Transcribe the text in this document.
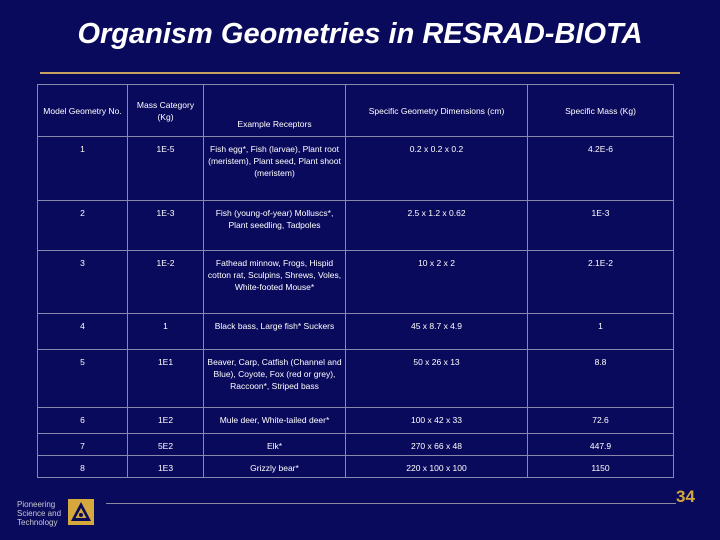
Organism Geometries in RESRAD-BIOTA
Model Geometry No.	Mass Category (Kg)	Example Receptors	Specific Geometry Dimensions (cm)	Specific Mass (Kg)
1	1E-5	Fish egg*, Fish (larvae), Plant root (meristem), Plant seed, Plant shoot (meristem)	0.2 x 0.2 x 0.2	4.2E-6
2	1E-3	Fish (young-of-year) Molluscs*, Plant seedling, Tadpoles	2.5 x 1.2 x 0.62	1E-3
3	1E-2	Fathead minnow, Frogs, Hispid cotton rat, Sculpins, Shrews, Voles, White-footed Mouse*	10 x 2 x 2	2.1E-2
4	1	Black bass, Large fish* Suckers	45 x 8.7 x 4.9	1
5	1E1	Beaver, Carp, Catfish (Channel and Blue), Coyote, Fox (red or grey), Raccoon*, Striped bass	50 x 26 x 13	8.8
6	1E2	Mule deer, White-tailed deer*	100 x 42 x 33	72.6
7	5E2	Elk*	270 x 66 x 48	447.9
8	1E3	Grizzly bear*	220 x 100 x 100	1150
Pioneering
Science and
Technology
34
